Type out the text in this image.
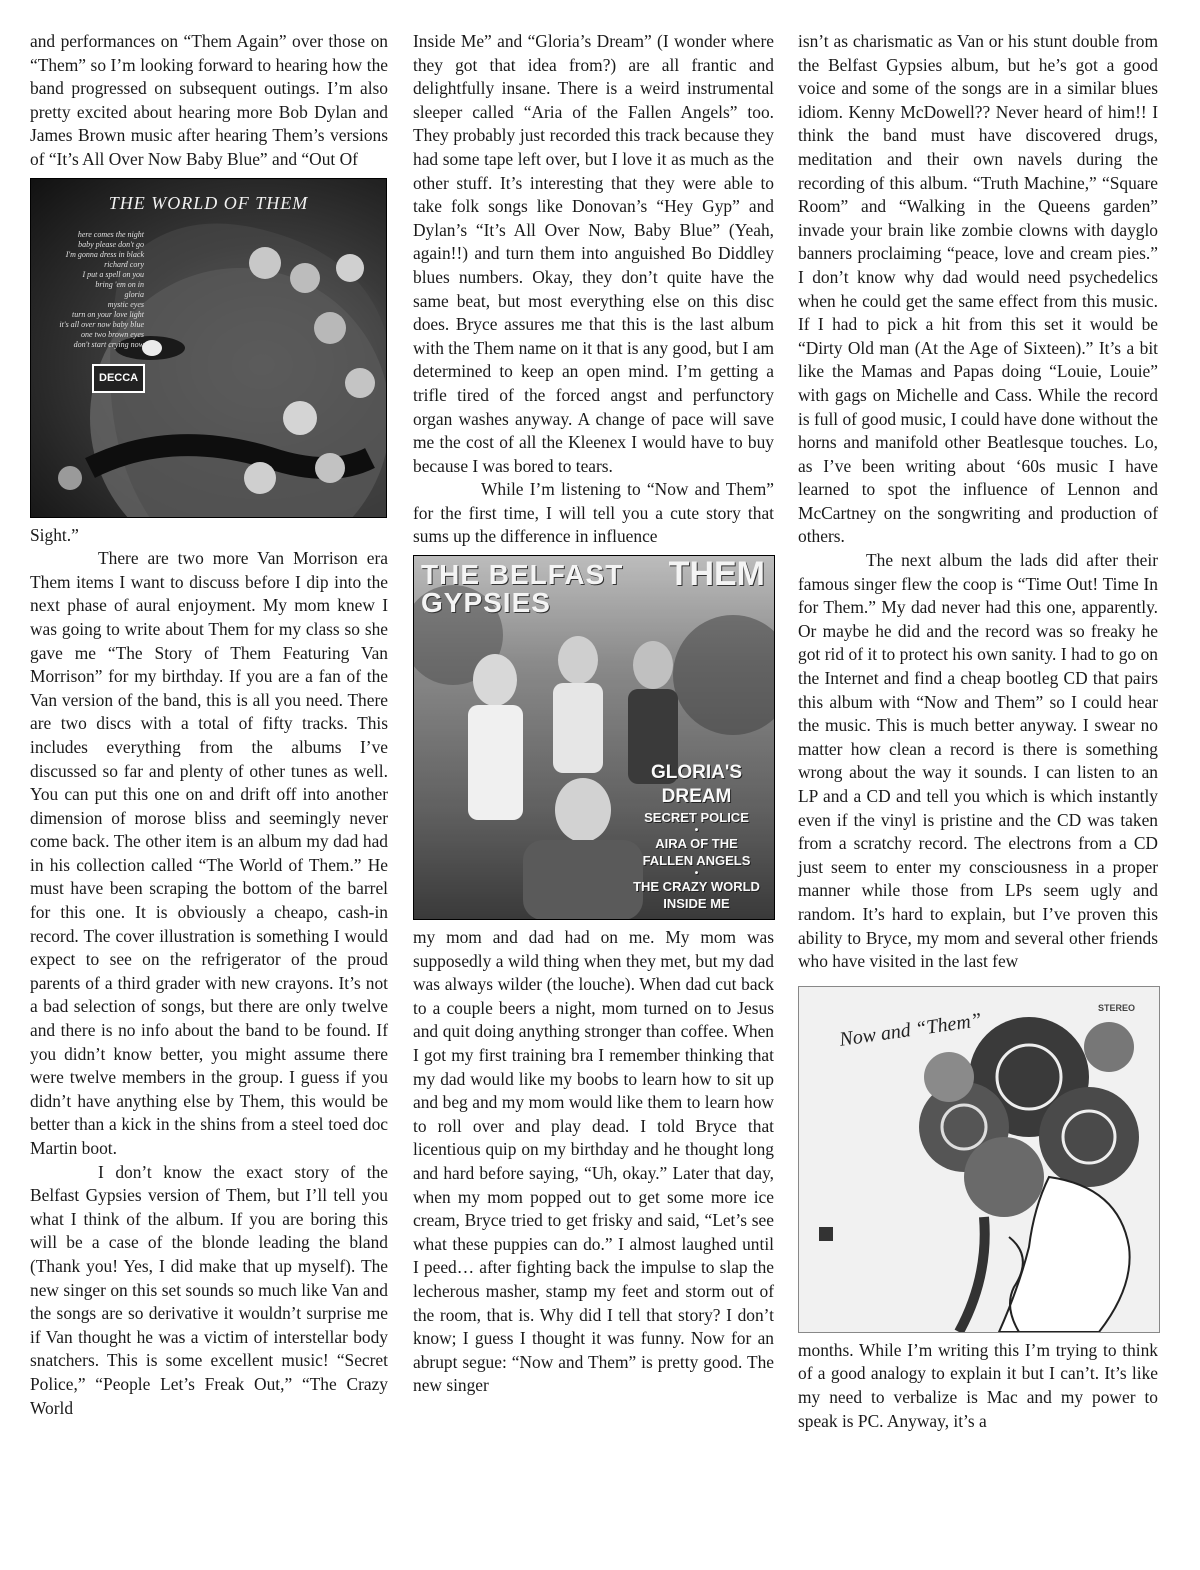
and performances on “Them Again” over those on “Them” so I’m looking forward to hearing how the band progressed on subsequent outings. I’m also pretty excited about hearing more Bob Dylan and James Brown music after hearing Them’s versions of “It’s All Over Now Baby Blue” and “Out Of

THE WORLD OF THEM
here comes the night
baby please don't go
I'm gonna dress in black
richard cory
I put a spell on you
bring 'em on in
gloria
mystic eyes
turn on your love light
it's all over now baby blue
one two brown eyes
don't start crying now
DECCA

Sight.”

There are two more Van Morrison era Them items I want to discuss before I dip into the next phase of aural enjoyment. My mom knew I was going to write about Them for my class so she gave me “The Story of Them Featuring Van Morrison” for my birthday. If you are a fan of the Van version of the band, this is all you need. There are two discs with a total of fifty tracks. This includes everything from the albums I’ve discussed so far and plenty of other tunes as well. You can put this one on and drift off into another dimension of morose bliss and seemingly never come back. The other item is an album my dad had in his collection called “The World of Them.” He must have been scraping the bottom of the barrel for this one. It is obviously a cheapo, cash-in record. The cover illustration is something I would expect to see on the refrigerator of the proud parents of a third grader with new crayons. It’s not a bad selection of songs, but there are only twelve and there is no info about the band to be found. If you didn’t know better, you might assume there were twelve members in the group. I guess if you didn’t have anything else by Them, this would be better than a kick in the shins from a steel toed doc Martin boot.

I don’t know the exact story of the Belfast Gypsies version of Them, but I’ll tell you what I think of the album. If you are boring this will be a case of the blonde leading the bland (Thank you! Yes, I did make that up myself). The new singer on this set sounds so much like Van and the songs are so derivative it wouldn’t surprise me if Van thought he was a victim of interstellar body snatchers. This is some excellent music! “Secret Police,” “People Let’s Freak Out,” “The Crazy World

Inside Me” and “Gloria’s Dream” (I wonder where they got that idea from?) are all frantic and delightfully insane. There is a weird instrumental sleeper called “Aria of the Fallen Angels” too. They probably just recorded this track because they had some tape left over, but I love it as much as the other stuff. It’s interesting that they were able to take folk songs like Donovan’s “Hey Gyp” and Dylan’s “It’s All Over Now, Baby Blue” (Yeah, again!!) and turn them into anguished Bo Diddley blues numbers. Okay, they don’t quite have the same beat, but most everything else on this disc does. Bryce assures me that this is the last album with the Them name on it that is any good, but I am determined to keep an open mind. I’m getting a trifle tired of the forced angst and perfunctory organ washes anyway. A change of pace will save me the cost of all the Kleenex I would have to buy because I was bored to tears.

While I’m listening to “Now and Them” for the first time, I will tell you a cute story that sums up the difference in influence

THE BELFAST
GYPSIES
THEM
GLORIA'S DREAM
SECRET POLICE
•
AIRA OF THE
FALLEN ANGELS
•
THE CRAZY WORLD
INSIDE ME

my mom and dad had on me. My mom was supposedly a wild thing when they met, but my dad was always wilder (the louche). When dad cut back to a couple beers a night, mom turned on to Jesus and quit doing anything stronger than coffee. When I got my first training bra I remember thinking that my dad would like my boobs to learn how to sit up and beg and my mom would like them to learn how to roll over and play dead. I told Bryce that licentious quip on my birthday and he thought long and hard before saying, “Uh, okay.” Later that day, when my mom popped out to get some more ice cream, Bryce tried to get frisky and said, “Let’s see what these puppies can do.” I almost laughed until I peed… after fighting back the impulse to slap the lecherous masher, stamp my feet and storm out of the room, that is. Why did I tell that story? I don’t know; I guess I thought it was funny. Now for an abrupt segue: “Now and Them” is pretty good. The new singer

isn’t as charismatic as Van or his stunt double from the Belfast Gypsies album, but he’s got a good voice and some of the songs are in a similar blues idiom. Kenny McDowell?? Never heard of him!! I think the band must have discovered drugs, meditation and their own navels during the recording of this album. “Truth Machine,” “Square Room” and “Walking in the Queens garden” invade your brain like zombie clowns with dayglo banners proclaiming “peace, love and cream pies.” I don’t know why dad would need psychedelics when he could get the same effect from this music. If I had to pick a hit from this set it would be “Dirty Old man (At the Age of Sixteen).” It’s a bit like the Mamas and Papas doing “Louie, Louie” with gags on Michelle and Cass. While the record is full of good music, I could have done without the horns and manifold other Beatlesque touches. Lo, as I’ve been writing about ‘60s music I have learned to spot the influence of Lennon and McCartney on the songwriting and production of others.

The next album the lads did after their famous singer flew the coop is “Time Out! Time In for Them.” My dad never had this one, apparently. Or maybe he did and the record was so freaky he got rid of it to protect his own sanity. I had to go on the Internet and find a cheap bootleg CD that pairs this album with “Now and Them” so I could hear the music. This is much better anyway. I swear no matter how clean a record is there is something wrong about the way it sounds. I can listen to an LP and a CD and tell you which is which instantly even if the vinyl is pristine and the CD was taken from a scratchy record. The electrons from a CD just seem to enter my consciousness in a proper manner while those from LPs seem ugly and random. It’s hard to explain, but I’ve proven this ability to Bryce, my mom and several other friends who have visited in the last few

Now and “Them”
STEREO

months. While I’m writing this I’m trying to think of a good analogy to explain it but I can’t. It’s like my need to verbalize is Mac and my power to speak is PC. Anyway, it’s a
